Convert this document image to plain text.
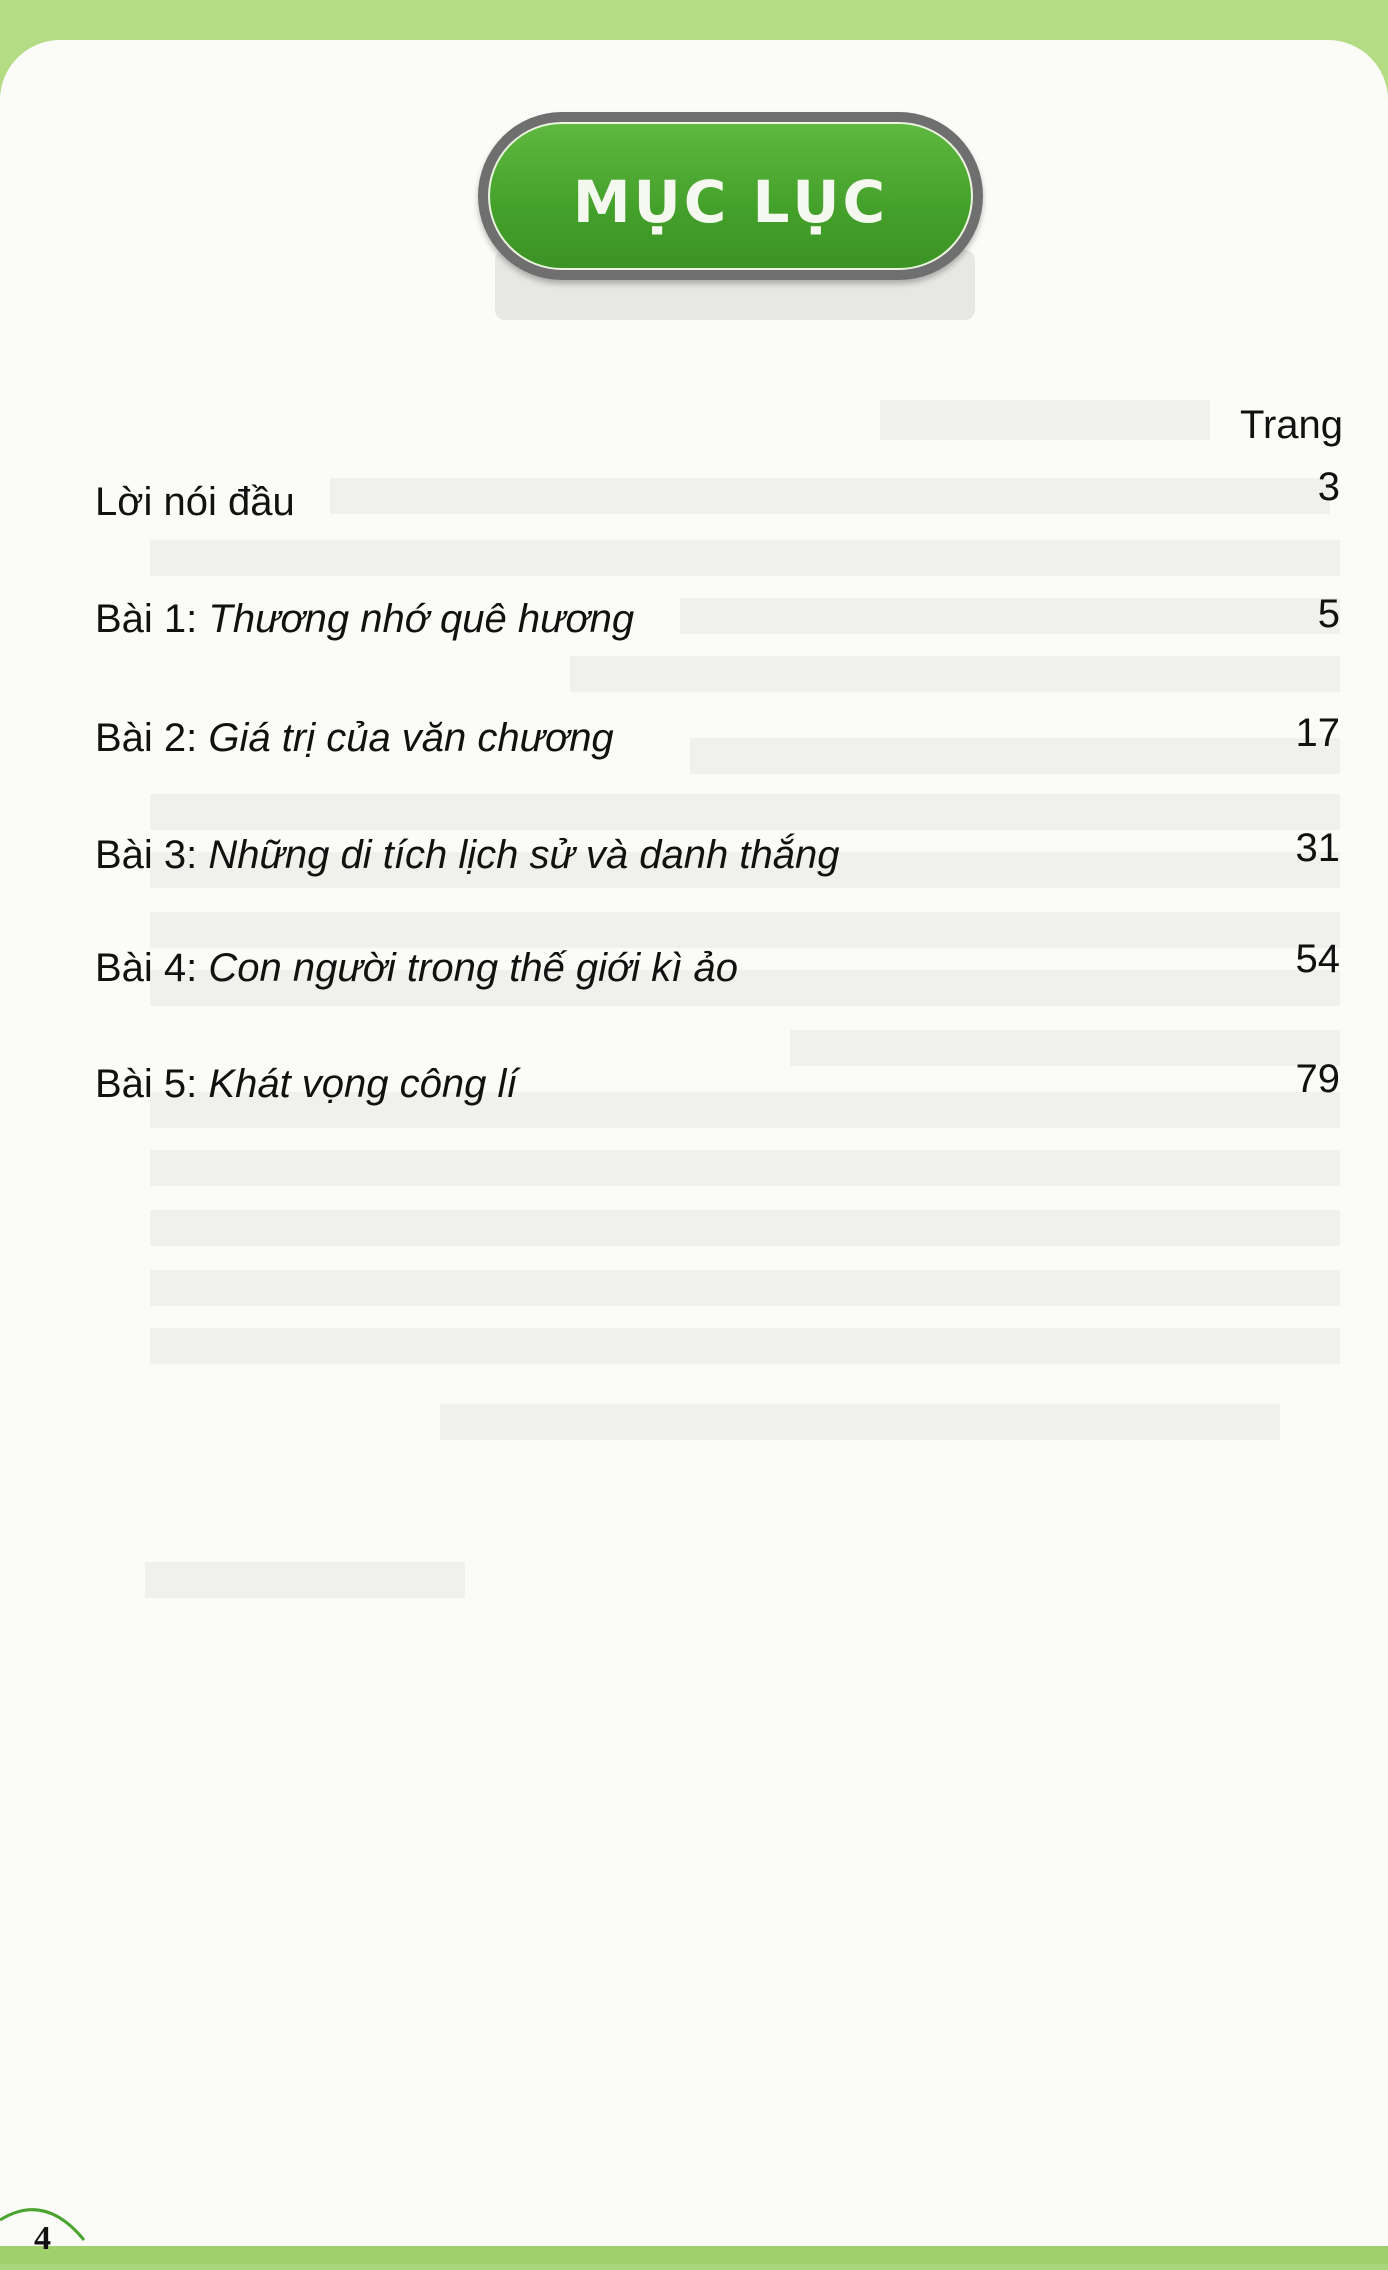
MỤC LỤC
Trang
Lời nói đầu	3
Bài 1: Thương nhớ quê hương	5
Bài 2: Giá trị của văn chương	17
Bài 3: Những di tích lịch sử và danh thắng	31
Bài 4: Con người trong thế giới kì ảo	54
Bài 5: Khát vọng công lí	79
4
